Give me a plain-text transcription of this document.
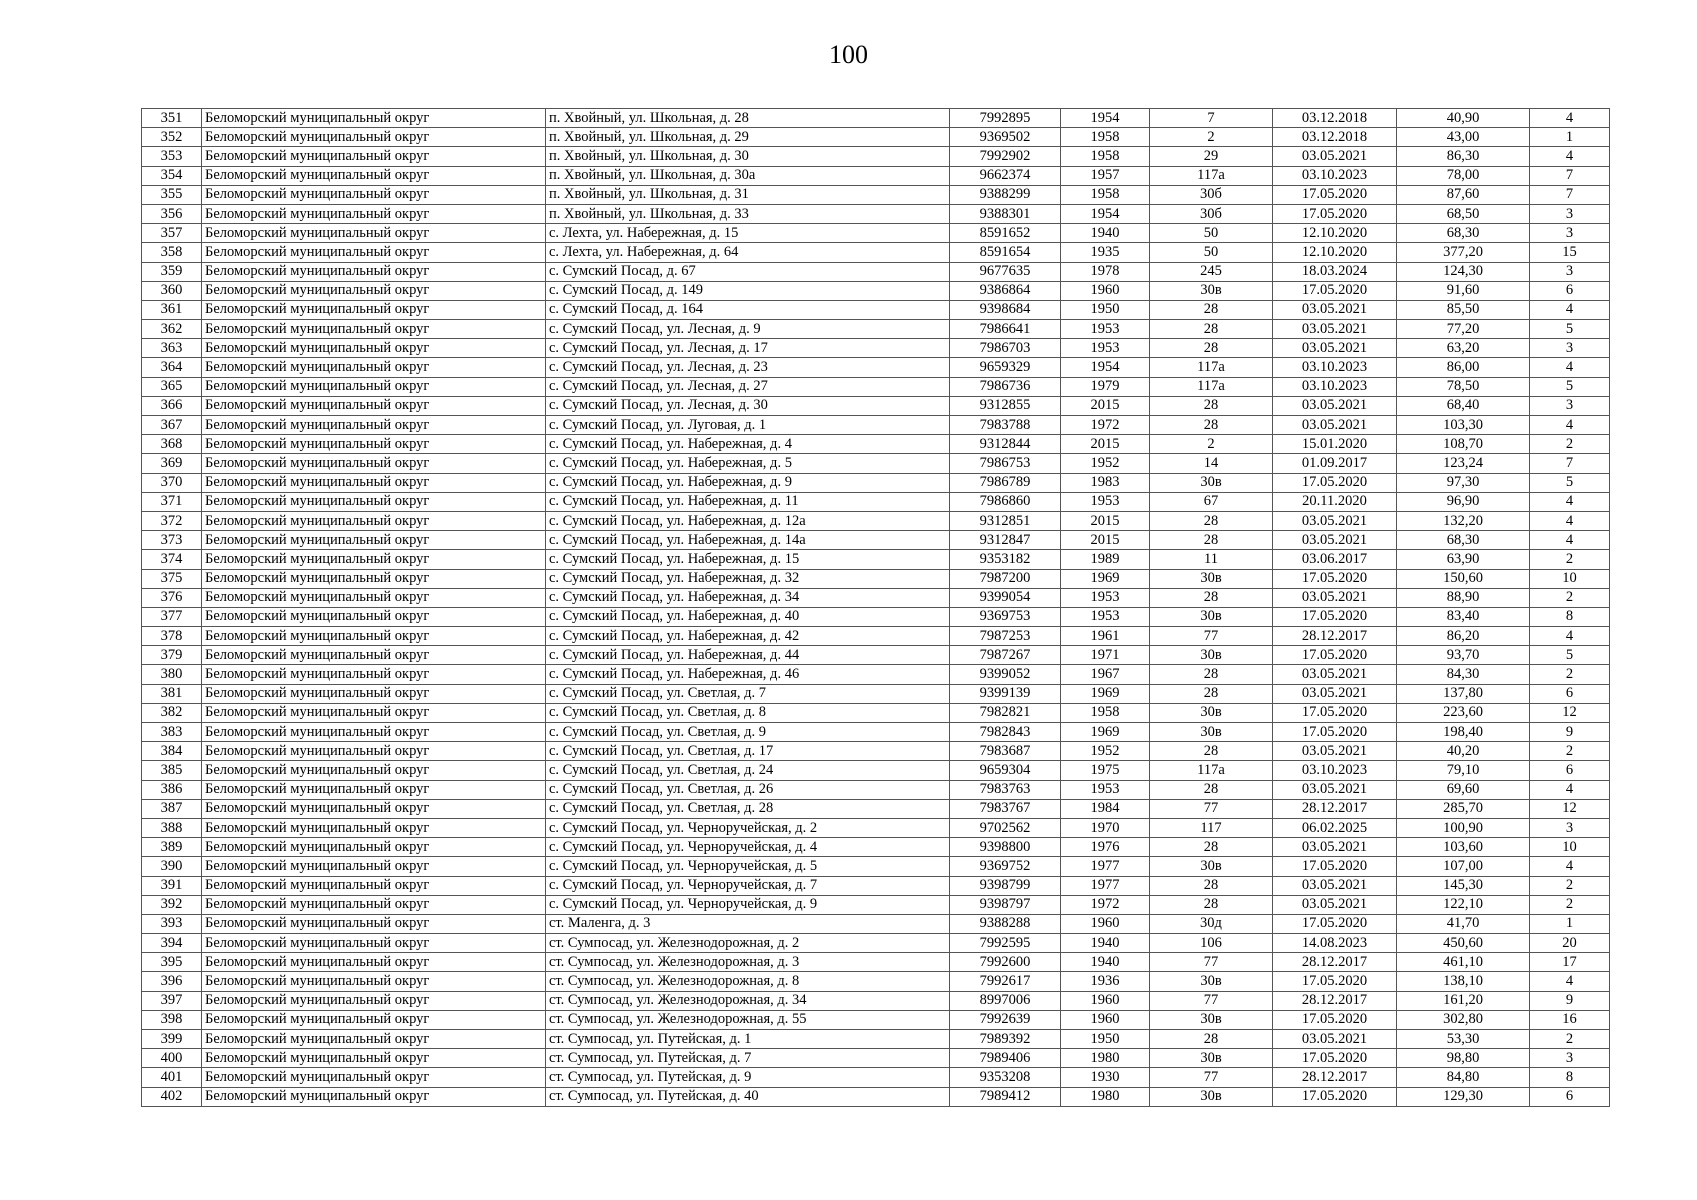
100
351	Беломорский муниципальный округ	п. Хвойный, ул. Школьная, д. 28	7992895	1954	7	03.12.2018	40,90	4
352	Беломорский муниципальный округ	п. Хвойный, ул. Школьная, д. 29	9369502	1958	2	03.12.2018	43,00	1
353	Беломорский муниципальный округ	п. Хвойный, ул. Школьная, д. 30	7992902	1958	29	03.05.2021	86,30	4
354	Беломорский муниципальный округ	п. Хвойный, ул. Школьная, д. 30а	9662374	1957	117а	03.10.2023	78,00	7
355	Беломорский муниципальный округ	п. Хвойный, ул. Школьная, д. 31	9388299	1958	30б	17.05.2020	87,60	7
356	Беломорский муниципальный округ	п. Хвойный, ул. Школьная, д. 33	9388301	1954	30б	17.05.2020	68,50	3
357	Беломорский муниципальный округ	с. Лехта, ул. Набережная, д. 15	8591652	1940	50	12.10.2020	68,30	3
358	Беломорский муниципальный округ	с. Лехта, ул. Набережная, д. 64	8591654	1935	50	12.10.2020	377,20	15
359	Беломорский муниципальный округ	с. Сумский Посад, д. 67	9677635	1978	245	18.03.2024	124,30	3
360	Беломорский муниципальный округ	с. Сумский Посад, д. 149	9386864	1960	30в	17.05.2020	91,60	6
361	Беломорский муниципальный округ	с. Сумский Посад, д. 164	9398684	1950	28	03.05.2021	85,50	4
362	Беломорский муниципальный округ	с. Сумский Посад, ул. Лесная, д. 9	7986641	1953	28	03.05.2021	77,20	5
363	Беломорский муниципальный округ	с. Сумский Посад, ул. Лесная, д. 17	7986703	1953	28	03.05.2021	63,20	3
364	Беломорский муниципальный округ	с. Сумский Посад, ул. Лесная, д. 23	9659329	1954	117а	03.10.2023	86,00	4
365	Беломорский муниципальный округ	с. Сумский Посад, ул. Лесная, д. 27	7986736	1979	117а	03.10.2023	78,50	5
366	Беломорский муниципальный округ	с. Сумский Посад, ул. Лесная, д. 30	9312855	2015	28	03.05.2021	68,40	3
367	Беломорский муниципальный округ	с. Сумский Посад, ул. Луговая, д. 1	7983788	1972	28	03.05.2021	103,30	4
368	Беломорский муниципальный округ	с. Сумский Посад, ул. Набережная, д. 4	9312844	2015	2	15.01.2020	108,70	2
369	Беломорский муниципальный округ	с. Сумский Посад, ул. Набережная, д. 5	7986753	1952	14	01.09.2017	123,24	7
370	Беломорский муниципальный округ	с. Сумский Посад, ул. Набережная, д. 9	7986789	1983	30в	17.05.2020	97,30	5
371	Беломорский муниципальный округ	с. Сумский Посад, ул. Набережная, д. 11	7986860	1953	67	20.11.2020	96,90	4
372	Беломорский муниципальный округ	с. Сумский Посад, ул. Набережная, д. 12а	9312851	2015	28	03.05.2021	132,20	4
373	Беломорский муниципальный округ	с. Сумский Посад, ул. Набережная, д. 14а	9312847	2015	28	03.05.2021	68,30	4
374	Беломорский муниципальный округ	с. Сумский Посад, ул. Набережная, д. 15	9353182	1989	11	03.06.2017	63,90	2
375	Беломорский муниципальный округ	с. Сумский Посад, ул. Набережная, д. 32	7987200	1969	30в	17.05.2020	150,60	10
376	Беломорский муниципальный округ	с. Сумский Посад, ул. Набережная, д. 34	9399054	1953	28	03.05.2021	88,90	2
377	Беломорский муниципальный округ	с. Сумский Посад, ул. Набережная, д. 40	9369753	1953	30в	17.05.2020	83,40	8
378	Беломорский муниципальный округ	с. Сумский Посад, ул. Набережная, д. 42	7987253	1961	77	28.12.2017	86,20	4
379	Беломорский муниципальный округ	с. Сумский Посад, ул. Набережная, д. 44	7987267	1971	30в	17.05.2020	93,70	5
380	Беломорский муниципальный округ	с. Сумский Посад, ул. Набережная, д. 46	9399052	1967	28	03.05.2021	84,30	2
381	Беломорский муниципальный округ	с. Сумский Посад, ул. Светлая, д. 7	9399139	1969	28	03.05.2021	137,80	6
382	Беломорский муниципальный округ	с. Сумский Посад, ул. Светлая, д. 8	7982821	1958	30в	17.05.2020	223,60	12
383	Беломорский муниципальный округ	с. Сумский Посад, ул. Светлая, д. 9	7982843	1969	30в	17.05.2020	198,40	9
384	Беломорский муниципальный округ	с. Сумский Посад, ул. Светлая, д. 17	7983687	1952	28	03.05.2021	40,20	2
385	Беломорский муниципальный округ	с. Сумский Посад, ул. Светлая, д. 24	9659304	1975	117а	03.10.2023	79,10	6
386	Беломорский муниципальный округ	с. Сумский Посад, ул. Светлая, д. 26	7983763	1953	28	03.05.2021	69,60	4
387	Беломорский муниципальный округ	с. Сумский Посад, ул. Светлая, д. 28	7983767	1984	77	28.12.2017	285,70	12
388	Беломорский муниципальный округ	с. Сумский Посад, ул. Черноручейская, д. 2	9702562	1970	117	06.02.2025	100,90	3
389	Беломорский муниципальный округ	с. Сумский Посад, ул. Черноручейская, д. 4	9398800	1976	28	03.05.2021	103,60	10
390	Беломорский муниципальный округ	с. Сумский Посад, ул. Черноручейская, д. 5	9369752	1977	30в	17.05.2020	107,00	4
391	Беломорский муниципальный округ	с. Сумский Посад, ул. Черноручейская, д. 7	9398799	1977	28	03.05.2021	145,30	2
392	Беломорский муниципальный округ	с. Сумский Посад, ул. Черноручейская, д. 9	9398797	1972	28	03.05.2021	122,10	2
393	Беломорский муниципальный округ	ст. Маленга, д. 3	9388288	1960	30д	17.05.2020	41,70	1
394	Беломорский муниципальный округ	ст. Сумпосад, ул. Железнодорожная, д. 2	7992595	1940	106	14.08.2023	450,60	20
395	Беломорский муниципальный округ	ст. Сумпосад, ул. Железнодорожная, д. 3	7992600	1940	77	28.12.2017	461,10	17
396	Беломорский муниципальный округ	ст. Сумпосад, ул. Железнодорожная, д. 8	7992617	1936	30в	17.05.2020	138,10	4
397	Беломорский муниципальный округ	ст. Сумпосад, ул. Железнодорожная, д. 34	8997006	1960	77	28.12.2017	161,20	9
398	Беломорский муниципальный округ	ст. Сумпосад, ул. Железнодорожная, д. 55	7992639	1960	30в	17.05.2020	302,80	16
399	Беломорский муниципальный округ	ст. Сумпосад, ул. Путейская, д. 1	7989392	1950	28	03.05.2021	53,30	2
400	Беломорский муниципальный округ	ст. Сумпосад, ул. Путейская, д. 7	7989406	1980	30в	17.05.2020	98,80	3
401	Беломорский муниципальный округ	ст. Сумпосад, ул. Путейская, д. 9	9353208	1930	77	28.12.2017	84,80	8
402	Беломорский муниципальный округ	ст. Сумпосад, ул. Путейская, д. 40	7989412	1980	30в	17.05.2020	129,30	6
